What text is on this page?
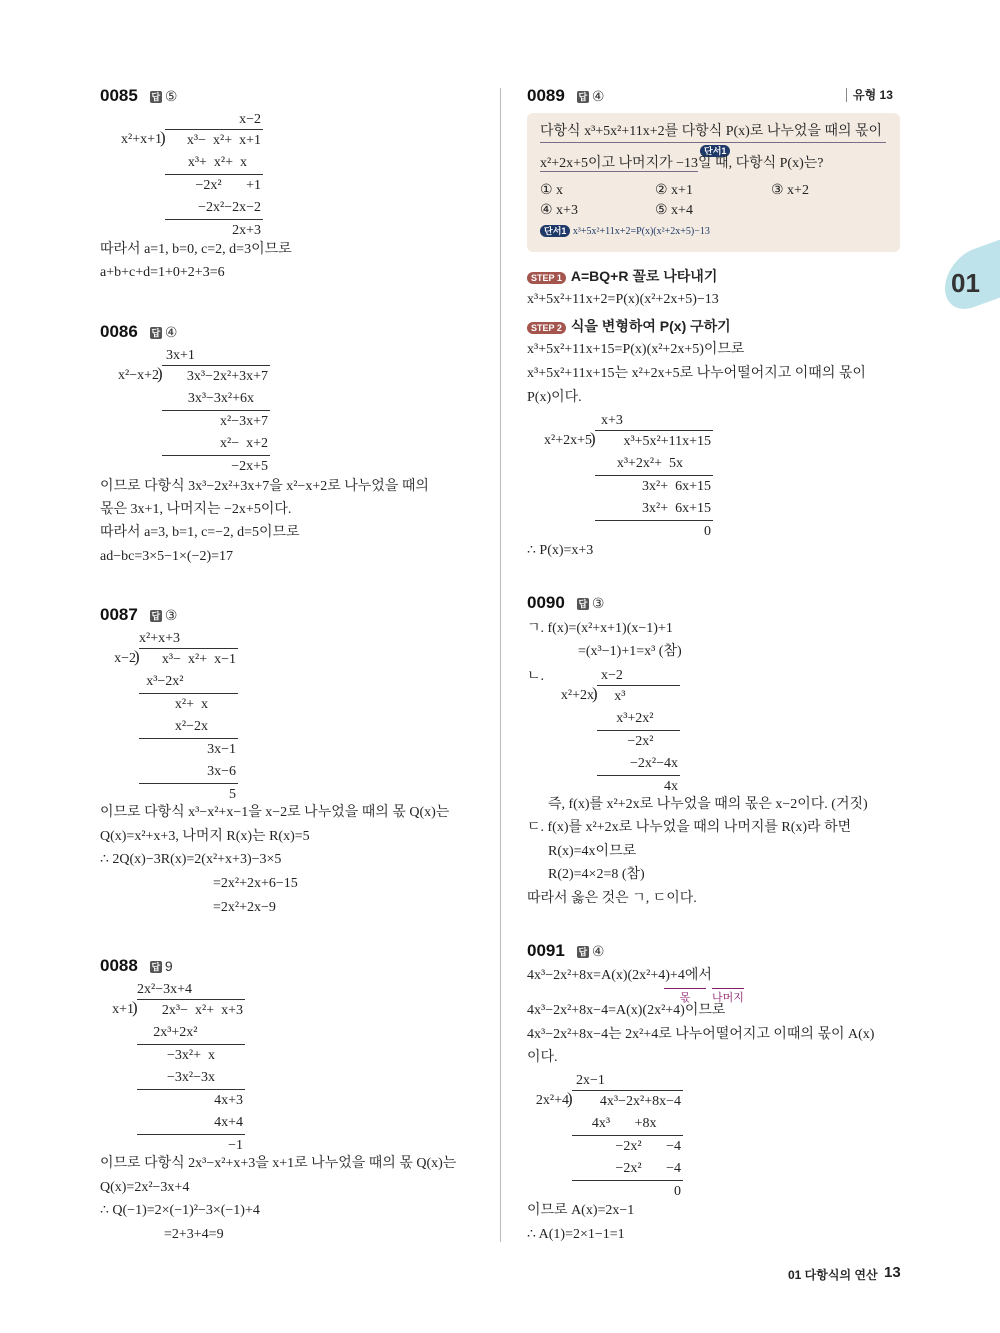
01
0085 답 ⑤
x²+x+1
x−2
) x³−  x²+  x+1
x³+  x²+  x
−2x²       +1
−2x²−2x−2
2x+3
따라서 a=1, b=0, c=2, d=3이므로
a+b+c+d=1+0+2+3=6
0086 답 ④
x²−x+2
3x+1
) 3x³−2x²+3x+7
3x³−3x²+6x
x²−3x+7
x²−  x+2
−2x+5
이므로 다항식 3x³−2x²+3x+7을 x²−x+2로 나누었을 때의
몫은 3x+1, 나머지는 −2x+5이다.
따라서 a=3, b=1, c=−2, d=5이므로
ad−bc=3×5−1×(−2)=17
0087 답 ③
x−2
x²+x+3
) x³−  x²+  x−1
x³−2x²
x²+  x
x²−2x
3x−1
3x−6
5
이므로 다항식 x³−x²+x−1을 x−2로 나누었을 때의 몫 Q(x)는
Q(x)=x²+x+3, 나머지 R(x)는 R(x)=5
∴ 2Q(x)−3R(x)=2(x²+x+3)−3×5
=2x²+2x+6−15
=2x²+2x−9
0088 답 9
x+1
2x²−3x+4
) 2x³−  x²+  x+3
2x³+2x²
−3x²+  x
−3x²−3x
4x+3
4x+4
−1
이므로 다항식 2x³−x²+x+3을 x+1로 나누었을 때의 몫 Q(x)는
Q(x)=2x²−3x+4
∴ Q(−1)=2×(−1)²−3×(−1)+4
=2+3+4=9
0089 답 ④	유형 13
다항식 x³+5x²+11x+2를 다항식 P(x)로 나누었을 때의 몫이
단서1
x²+2x+5이고 나머지가 −13일 때, 다항식 P(x)는?
① x	② x+1	③ x+2
④ x+3	⑤ x+4
단서1 x³+5x²+11x+2=P(x)(x²+2x+5)−13
STEP 1 A=BQ+R 꼴로 나타내기
x³+5x²+11x+2=P(x)(x²+2x+5)−13
STEP 2 식을 변형하여 P(x) 구하기
x³+5x²+11x+15=P(x)(x²+2x+5)이므로
x³+5x²+11x+15는 x²+2x+5로 나누어떨어지고 이때의 몫이
P(x)이다.
x²+2x+5
x+3
) x³+5x²+11x+15
x³+2x²+  5x
3x²+  6x+15
3x²+  6x+15
0
∴ P(x)=x+3
0090 답 ③
ㄱ. f(x)=(x²+x+1)(x−1)+1
=(x³−1)+1=x³ (참)
ㄴ.
x²+2x
x−2
) x³
x³+2x²
−2x²
−2x²−4x
4x
즉, f(x)를 x²+2x로 나누었을 때의 몫은 x−2이다. (거짓)
ㄷ. f(x)를 x²+2x로 나누었을 때의 나머지를 R(x)라 하면
R(x)=4x이므로
R(2)=4×2=8 (참)
따라서 옳은 것은 ㄱ, ㄷ이다.
0091 답 ④
4x³−2x²+8x=A(x)(2x²+4)+4에서
몫	나머지
4x³−2x²+8x−4=A(x)(2x²+4)이므로
4x³−2x²+8x−4는 2x²+4로 나누어떨어지고 이때의 몫이 A(x)
이다.
2x²+4
2x−1
) 4x³−2x²+8x−4
4x³       +8x
−2x²       −4
−2x²       −4
0
이므로 A(x)=2x−1
∴ A(1)=2×1−1=1
01 다항식의 연산 13
